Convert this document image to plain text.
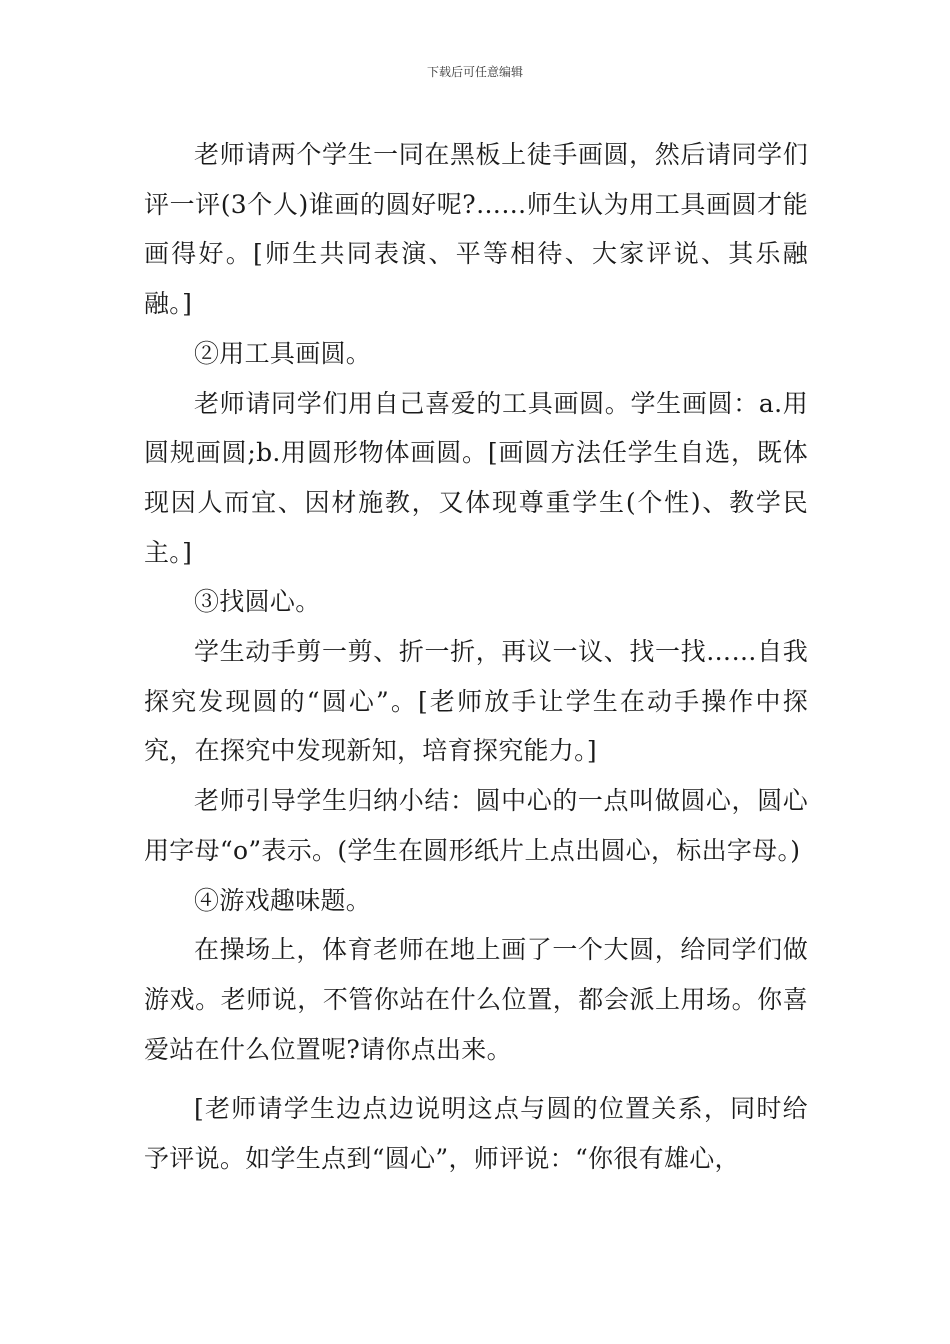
下载后可任意编辑

老师请两个学生一同在黑板上徒手画圆，然后请同学们评一评(3个人)谁画的圆好呢?……师生认为用工具画圆才能画得好。[师生共同表演、平等相待、大家评说、其乐融融。]

②用工具画圆。

老师请同学们用自己喜爱的工具画圆。学生画圆：a.用圆规画圆;b.用圆形物体画圆。[画圆方法任学生自选，既体现因人而宜、因材施教，又体现尊重学生(个性)、教学民主。]

③找圆心。

学生动手剪一剪、折一折，再议一议、找一找……自我探究发现圆的“圆心”。[老师放手让学生在动手操作中探究，在探究中发现新知，培育探究能力。]

老师引导学生归纳小结：圆中心的一点叫做圆心，圆心用字母“o”表示。(学生在圆形纸片上点出圆心，标出字母。)

④游戏趣味题。

在操场上，体育老师在地上画了一个大圆，给同学们做游戏。老师说，不管你站在什么位置，都会派上用场。你喜爱站在什么位置呢?请你点出来。

[老师请学生边点边说明这点与圆的位置关系，同时给予评说。如学生点到“圆心”，师评说：“你很有雄心，
